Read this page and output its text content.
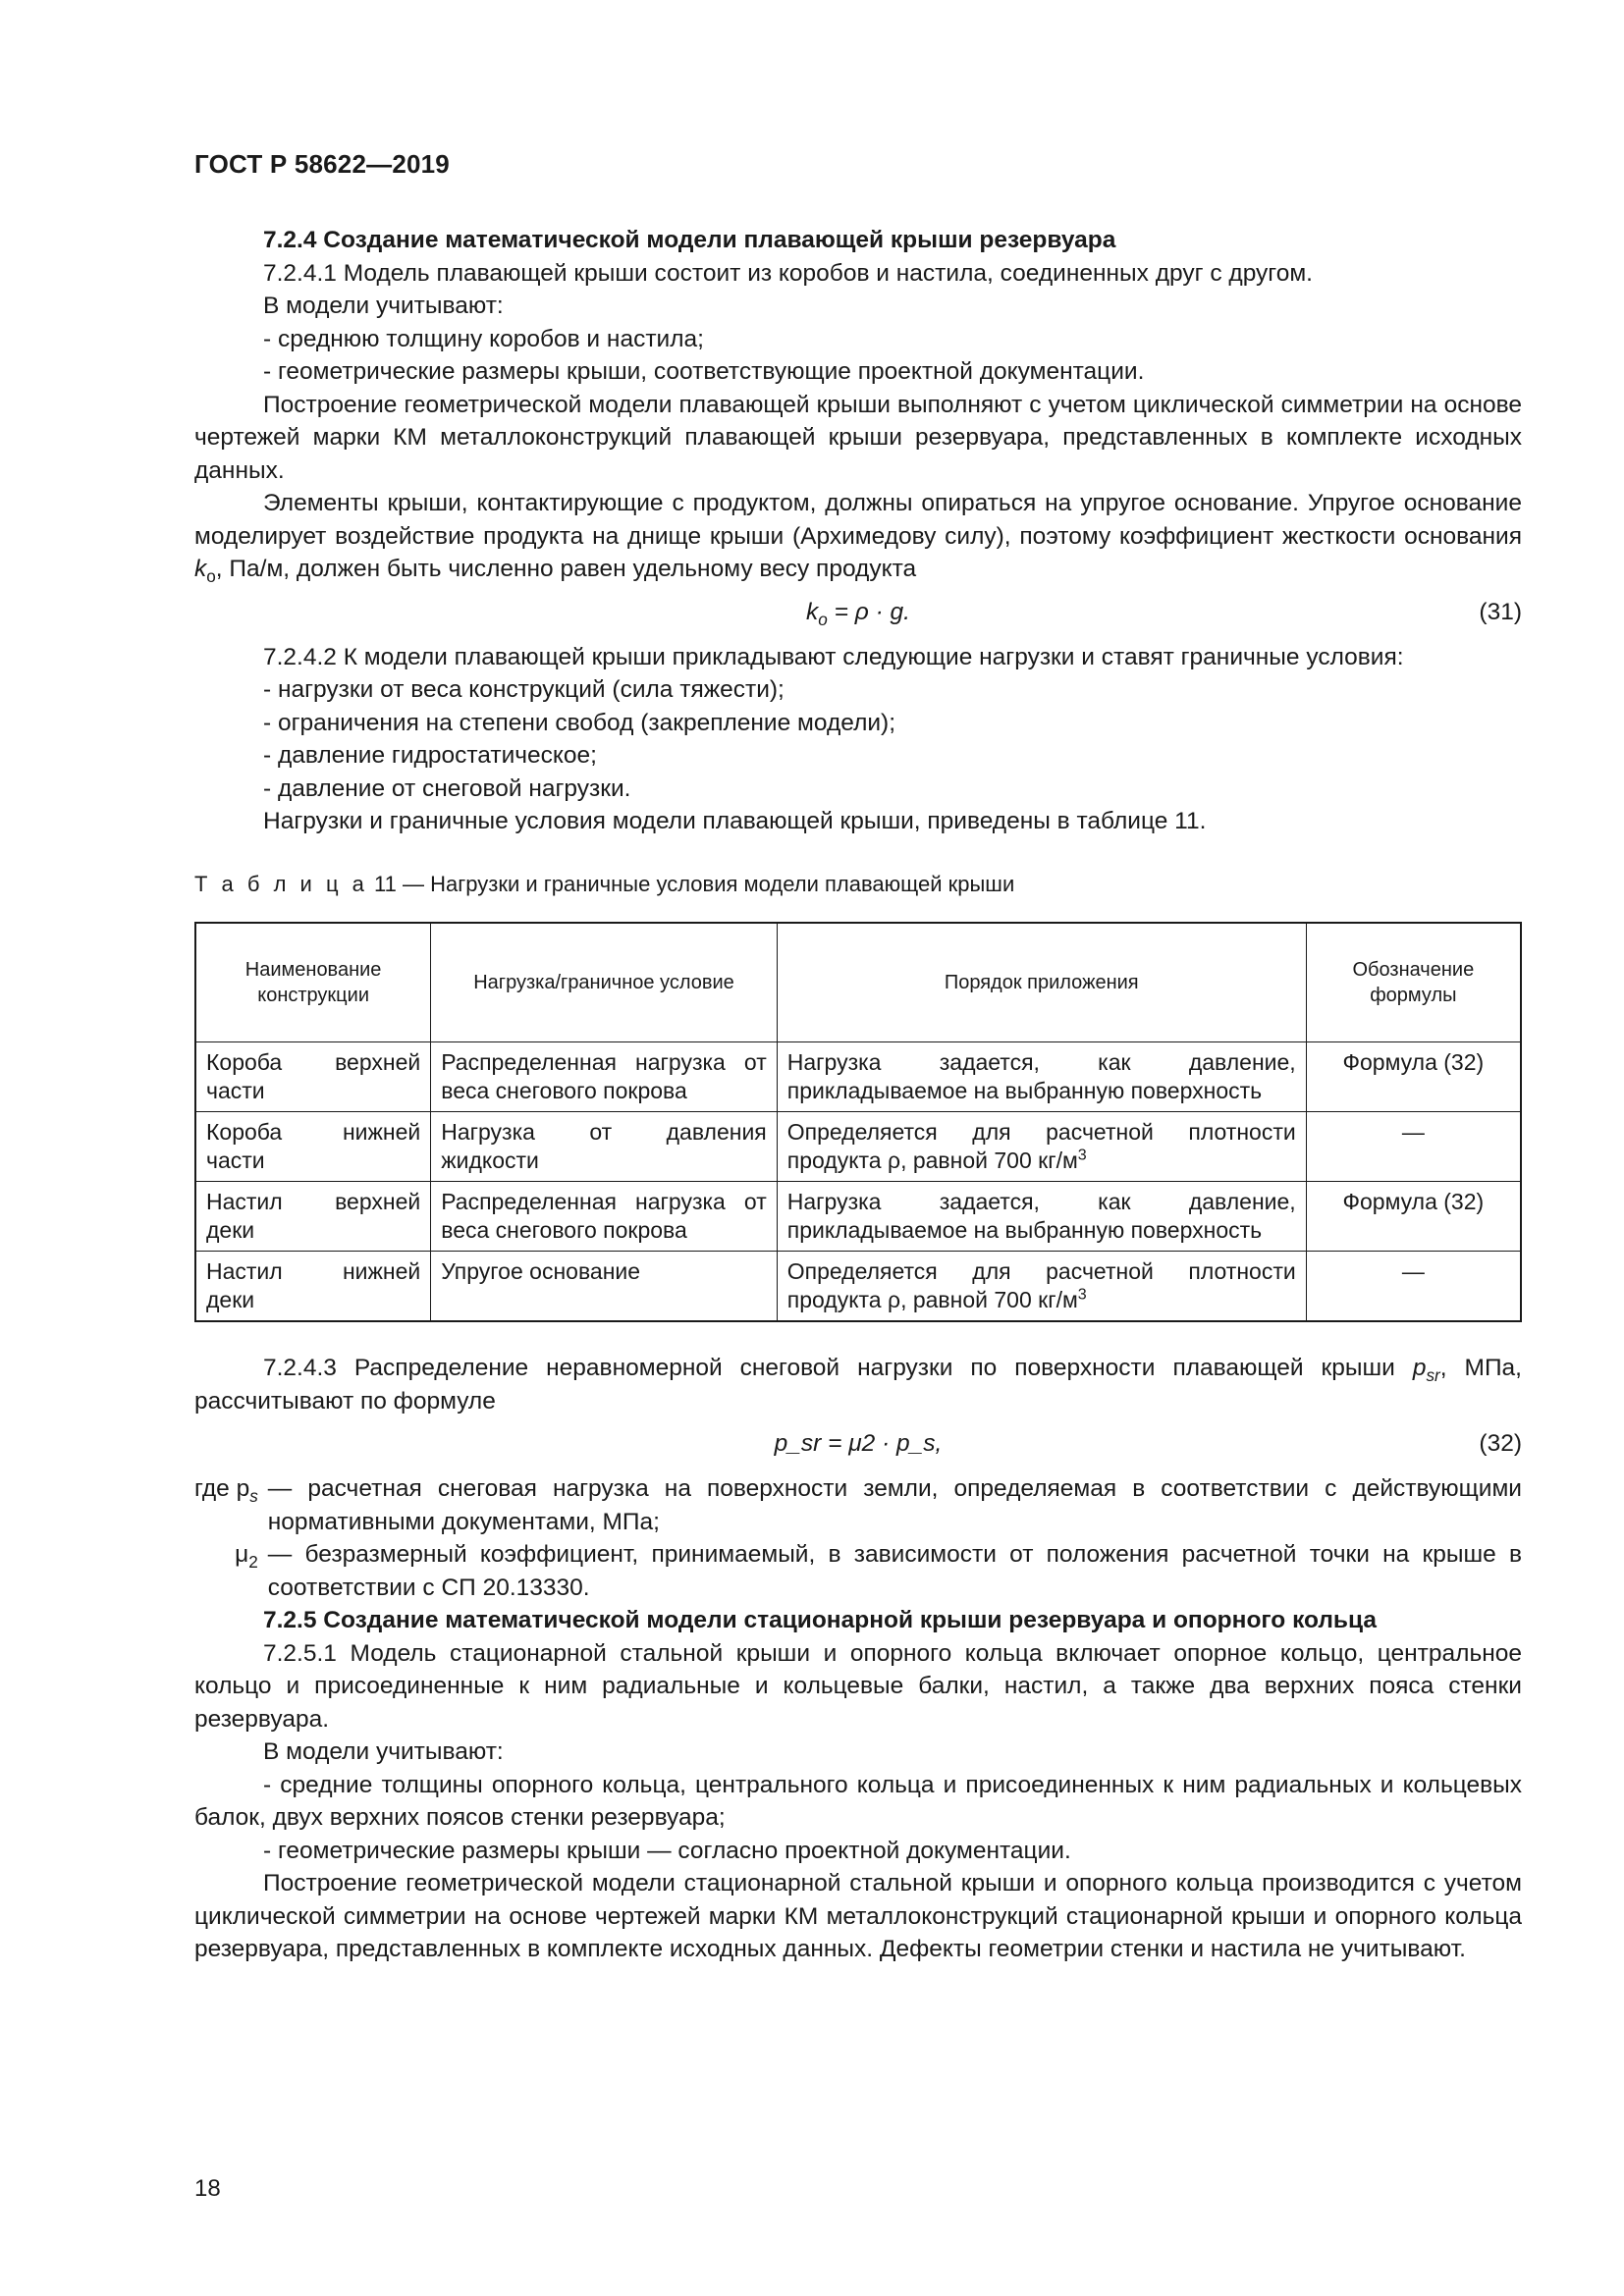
ГОСТ Р 58622—2019

7.2.4 Создание математической модели плавающей крыши резервуара

7.2.4.1 Модель плавающей крыши состоит из коробов и настила, соединенных друг с другом.

В модели учитывают:

- среднюю толщину коробов и настила;

- геометрические размеры крыши, соответствующие проектной документации.

Построение геометрической модели плавающей крыши выполняют с учетом циклической симметрии на основе чертежей марки КМ металлоконструкций плавающей крыши резервуара, представленных в комплекте исходных данных.

Элементы крыши, контактирующие с продуктом, должны опираться на упругое основание. Упругое основание моделирует воздействие продукта на днище крыши (Архимедову силу), поэтому коэффициент жесткости основания $k_o$, Па/м, должен быть численно равен удельному весу продукта

$k_o = \rho \cdot g$.	(31)

7.2.4.2 К модели плавающей крыши прикладывают следующие нагрузки и ставят граничные условия:

- нагрузки от веса конструкций (сила тяжести);

- ограничения на степени свобод (закрепление модели);

- давление гидростатическое;

- давление от снеговой нагрузки.

Нагрузки и граничные условия модели плавающей крыши, приведены в таблице 11.

Т а б л и ц а 11 — Нагрузки и граничные условия модели плавающей крыши
Наименование конструкции	Нагрузка/граничное условие	Порядок приложения	Обозначение формулы
Короба верхней части	Распределенная нагрузка от веса снегового покрова	Нагрузка задается, как давление, прикладываемое на выбранную поверхность	Формула (32)
Короба нижней части	Нагрузка от давления жидкости	Определяется для расчетной плотности продукта ρ, равной 700 $кг/м^3$	—
Настил верхней деки	Распределенная нагрузка от веса снегового покрова	Нагрузка задается, как давление, прикладываемое на выбранную поверхность	Формула (32)
Настил нижней деки	Упругое основание	Определяется для расчетной плотности продукта ρ, равной 700 $кг/м^3$	—

7.2.4.3 Распределение неравномерной снеговой нагрузки по поверхности плавающей крыши $p_{sr}$, МПа, рассчитывают по формуле

p_sr = μ2 · p_s,	(32)
где $p_s$ — расчетная снеговая нагрузка на поверхности земли, определяемая в соответствии с действующими нормативными документами, МПа;
$\mu_2$ — безразмерный коэффициент, принимаемый, в зависимости от положения расчетной точки на крыше в соответствии с СП 20.13330.

7.2.5 Создание математической модели стационарной крыши резервуара и опорного кольца

7.2.5.1 Модель стационарной стальной крыши и опорного кольца включает опорное кольцо, центральное кольцо и присоединенные к ним радиальные и кольцевые балки, настил, а также два верхних пояса стенки резервуара.

В модели учитывают:

- средние толщины опорного кольца, центрального кольца и присоединенных к ним радиальных и кольцевых балок, двух верхних поясов стенки резервуара;

- геометрические размеры крыши — согласно проектной документации.

Построение геометрической модели стационарной стальной крыши и опорного кольца производится с учетом циклической симметрии на основе чертежей марки КМ металлоконструкций стационарной крыши и опорного кольца резервуара, представленных в комплекте исходных данных. Дефекты геометрии стенки и настила не учитывают.

18
